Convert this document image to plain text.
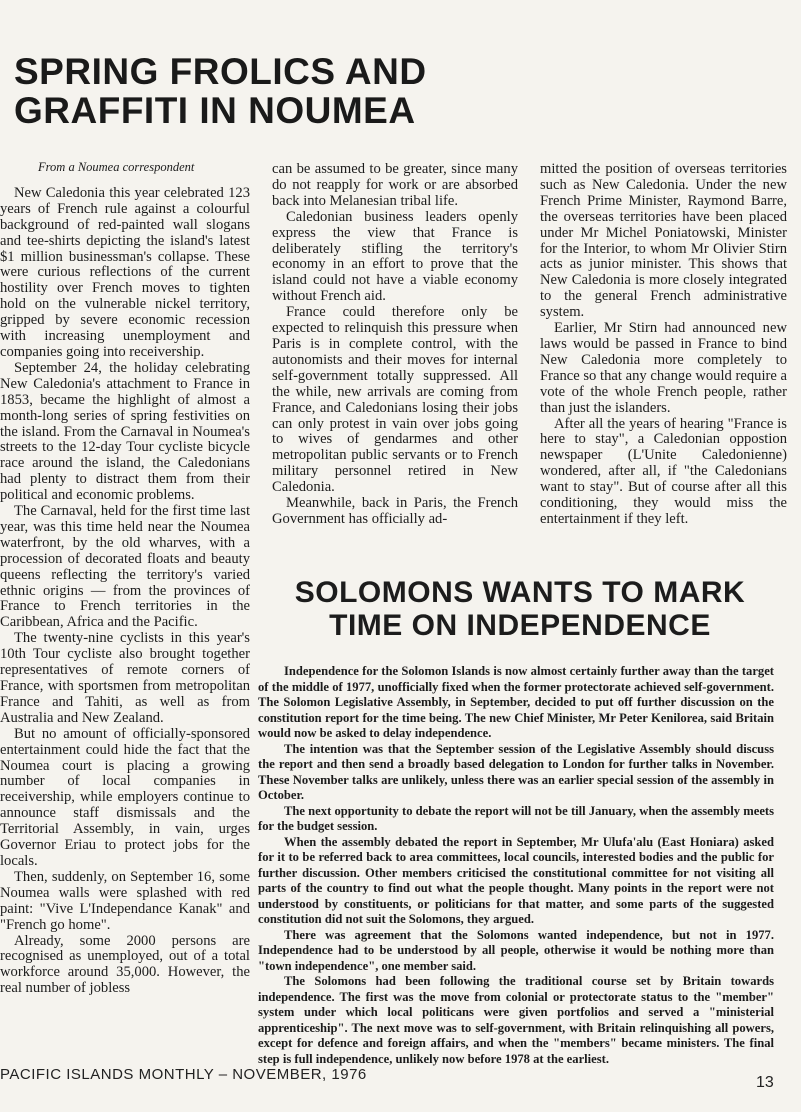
SPRING FROLICS AND GRAFFITI IN NOUMEA

From a Noumea correspondent

New Caledonia this year celebrated 123 years of French rule against a colourful background of red-painted wall slogans and tee-shirts depicting the island's latest $1 million businessman's collapse. These were curious reflections of the current hostility over French moves to tighten hold on the vulnerable nickel territory, gripped by severe economic recession with increasing unemployment and companies going into receivership.

September 24, the holiday celebrating New Caledonia's attachment to France in 1853, became the highlight of almost a month-long series of spring festivities on the island. From the Carnaval in Noumea's streets to the 12-day Tour cycliste bicycle race around the island, the Caledonians had plenty to distract them from their political and economic problems.

The Carnaval, held for the first time last year, was this time held near the Noumea waterfront, by the old wharves, with a procession of decorated floats and beauty queens reflecting the territory's varied ethnic origins — from the provinces of France to French territories in the Caribbean, Africa and the Pacific.

The twenty-nine cyclists in this year's 10th Tour cycliste also brought together representatives of remote corners of France, with sportsmen from metropolitan France and Tahiti, as well as from Australia and New Zealand.

But no amount of officially-sponsored entertainment could hide the fact that the Noumea court is placing a growing number of local companies in receivership, while employers continue to announce staff dismissals and the Territorial Assembly, in vain, urges Governor Eriau to protect jobs for the locals.

Then, suddenly, on September 16, some Noumea walls were splashed with red paint: "Vive L'Independance Kanak" and "French go home".

Already, some 2000 persons are recognised as unemployed, out of a total workforce around 35,000. However, the real number of jobless

can be assumed to be greater, since many do not reapply for work or are absorbed back into Melanesian tribal life.

Caledonian business leaders openly express the view that France is deliberately stifling the territory's economy in an effort to prove that the island could not have a viable economy without French aid.

France could therefore only be expected to relinquish this pressure when Paris is in complete control, with the autonomists and their moves for internal self-government totally suppressed. All the while, new arrivals are coming from France, and Caledonians losing their jobs can only protest in vain over jobs going to wives of gendarmes and other metropolitan public servants or to French military personnel retired in New Caledonia.

Meanwhile, back in Paris, the French Government has officially ad-

mitted the position of overseas territories such as New Caledonia. Under the new French Prime Minister, Raymond Barre, the overseas territories have been placed under Mr Michel Poniatowski, Minister for the Interior, to whom Mr Olivier Stirn acts as junior minister. This shows that New Caledonia is more closely integrated to the general French administrative system.

Earlier, Mr Stirn had announced new laws would be passed in France to bind New Caledonia more completely to France so that any change would require a vote of the whole French people, rather than just the islanders.

After all the years of hearing "France is here to stay", a Caledonian oppostion newspaper (L'Unite Caledonienne) wondered, after all, if "the Caledonians want to stay". But of course after all this conditioning, they would miss the entertainment if they left.

SOLOMONS WANTS TO MARK TIME ON INDEPENDENCE

Independence for the Solomon Islands is now almost certainly further away than the target of the middle of 1977, unofficially fixed when the former protectorate achieved self-government. The Solomon Legislative Assembly, in September, decided to put off further discussion on the constitution report for the time being. The new Chief Minister, Mr Peter Kenilorea, said Britain would now be asked to delay independence.

The intention was that the September session of the Legislative Assembly should discuss the report and then send a broadly based delegation to London for further talks in November. These November talks are unlikely, unless there was an earlier special session of the assembly in October.

The next opportunity to debate the report will not be till January, when the assembly meets for the budget session.

When the assembly debated the report in September, Mr Ulufa'alu (East Honiara) asked for it to be referred back to area committees, local councils, interested bodies and the public for further discussion. Other members criticised the constitutional committee for not visiting all parts of the country to find out what the people thought. Many points in the report were not understood by constituents, or politicians for that matter, and some parts of the suggested constitution did not suit the Solomons, they argued.

There was agreement that the Solomons wanted independence, but not in 1977. Independence had to be understood by all people, otherwise it would be nothing more than "town independence", one member said.

The Solomons had been following the traditional course set by Britain towards independence. The first was the move from colonial or protectorate status to the "member" system under which local politicans were given portfolios and served a "ministerial apprenticeship". The next move was to self-government, with Britain relinquishing all powers, except for defence and foreign affairs, and when the "members" became ministers. The final step is full independence, unlikely now before 1978 at the earliest.

PACIFIC ISLANDS MONTHLY – NOVEMBER, 1976	13
